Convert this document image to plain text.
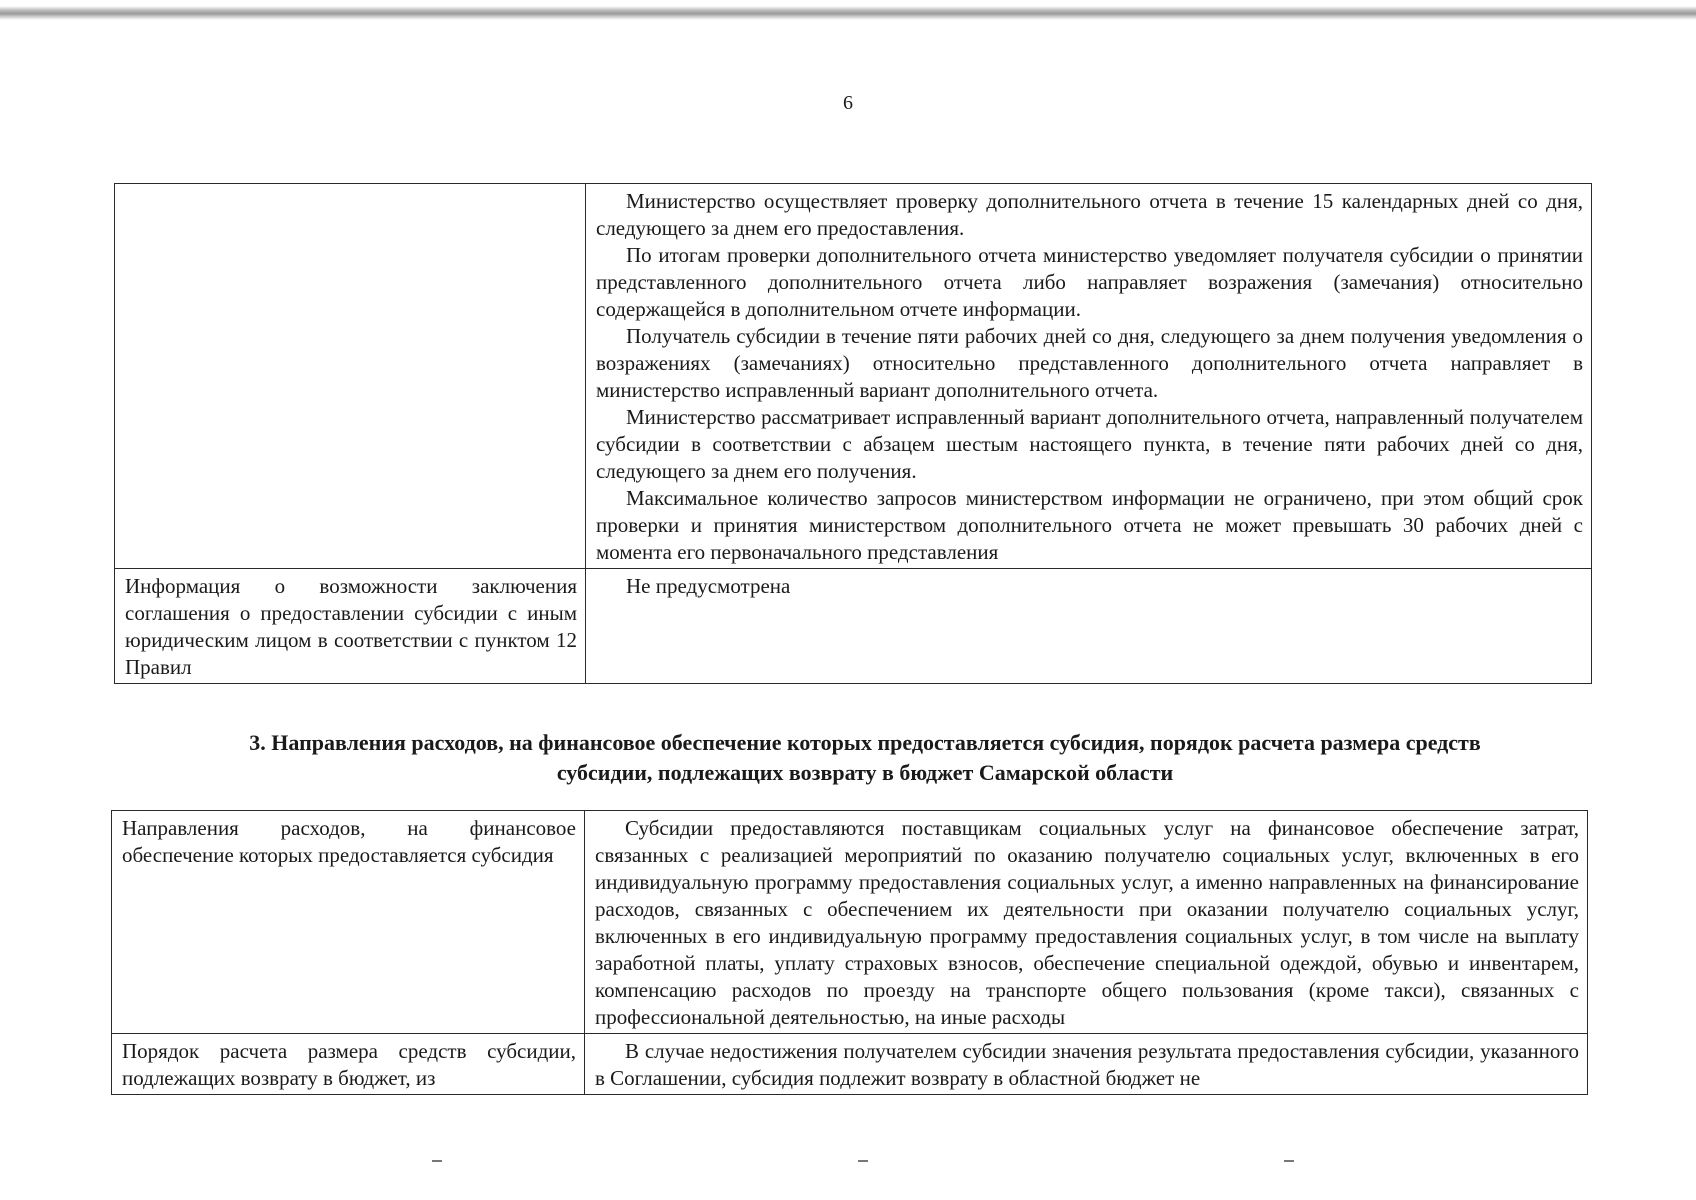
6

	Министерство осуществляет проверку дополнительного отчета в течение 15 календарных дней со дня, следующего за днем его предоставления.

По итогам проверки дополнительного отчета министерство уведомляет получателя субсидии о принятии представленного дополнительного отчета либо направляет возражения (замечания) относительно содержащейся в дополнительном отчете информации.

Получатель субсидии в течение пяти рабочих дней со дня, следующего за днем получения уведомления о возражениях (замечаниях) относительно представленного дополнительного отчета направляет в министерство исправленный вариант дополнительного отчета.

Министерство рассматривает исправленный вариант дополнительного отчета, направленный получателем субсидии в соответствии с абзацем шестым настоящего пункта, в течение пяти рабочих дней со дня, следующего за днем его получения.

Максимальное количество запросов министерством информации не ограничено, при этом общий срок проверки и принятия министерством дополнительного отчета не может превышать 30 рабочих дней с момента его первоначального представления

Информация о возможности заключения соглашения о предоставлении субсидии с иным юридическим лицом в соответствии с пунктом 12 Правил	Не предусмотрена

3. Направления расходов, на финансовое обеспечение которых предоставляется субсидия, порядок расчета размера средств
субсидии, подлежащих возврату в бюджет Самарской области
Направления расходов, на финансовое обеспечение которых предоставляется субсидия	Субсидии предоставляются поставщикам социальных услуг на финансовое обеспечение затрат, связанных с реализацией мероприятий по оказанию получателю социальных услуг, включенных в его индивидуальную программу предоставления социальных услуг, а именно направленных на финансирование расходов, связанных с обеспечением их деятельности при оказании получателю социальных услуг, включенных в его индивидуальную программу предоставления социальных услуг, в том числе на выплату заработной платы, уплату страховых взносов, обеспечение специальной одеждой, обувью и инвентарем, компенсацию расходов по проезду на транспорте общего пользования (кроме такси), связанных с профессиональной деятельностью, на иные расходы

Порядок расчета размера средств субсидии, подлежащих возврату в бюджет, из	В случае недостижения получателем субсидии значения результата предоставления субсидии, указанного в Соглашении, субсидия подлежит возврату в областной бюджет не
